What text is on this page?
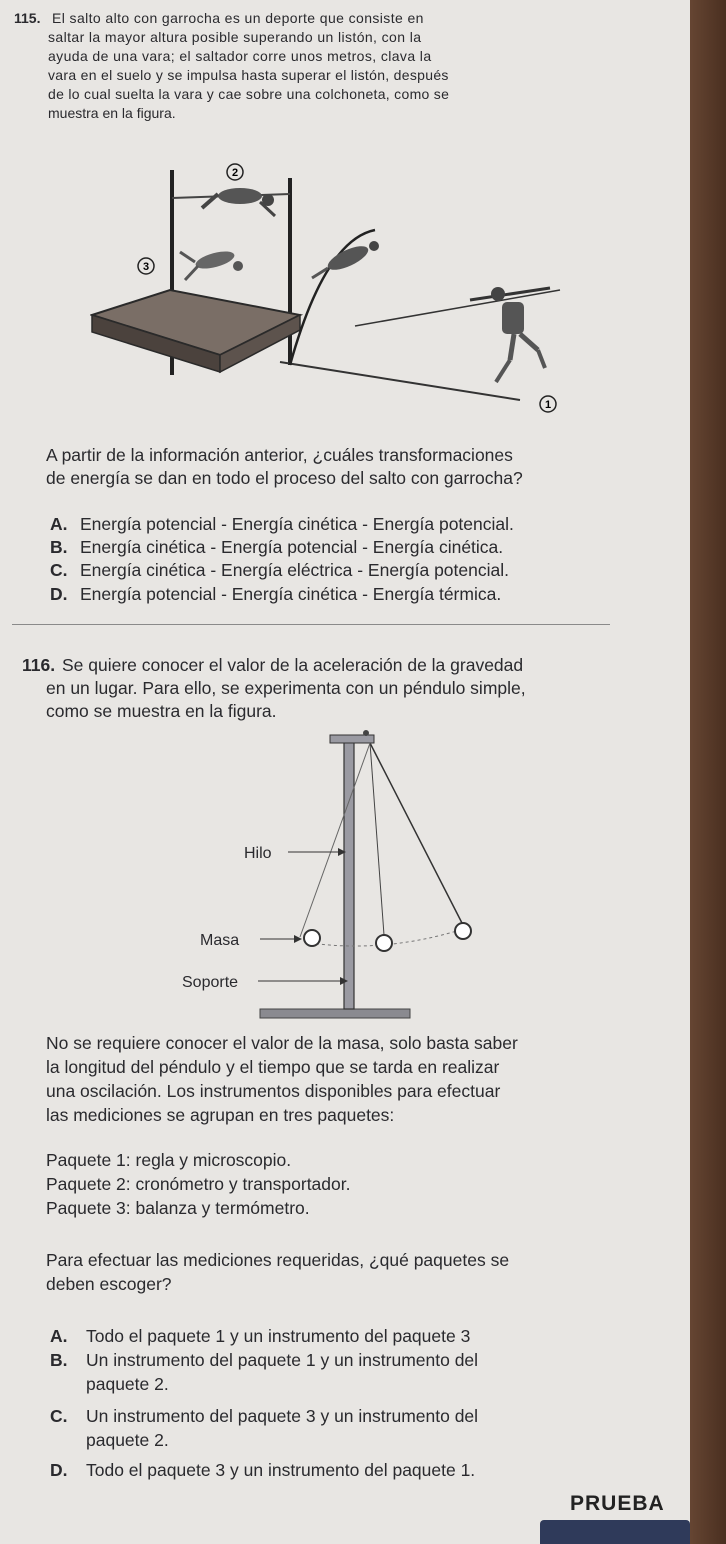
115. El salto alto con garrocha es un deporte que consiste en

saltar la mayor altura posible superando un listón, con la

ayuda de una vara; el saltador corre unos metros, clava la

vara en el suelo y se impulsa hasta superar el listón, después

de lo cual suelta la vara y cae sobre una colchoneta, como se

muestra en la figura.

2
3
1

A partir de la información anterior, ¿cuáles transformaciones

de energía se dan en todo el proceso del salto con garrocha?

A. Energía potencial - Energía cinética - Energía potencial.

B. Energía cinética - Energía potencial - Energía cinética.

C. Energía cinética - Energía eléctrica - Energía potencial.

D. Energía potencial - Energía cinética - Energía térmica.

116. Se quiere conocer el valor de la aceleración de la gravedad

en un lugar. Para ello, se experimenta con un péndulo simple,

como se muestra en la figura.

Hilo
Masa
Soporte

No se requiere conocer el valor de la masa, solo basta saber

la longitud del péndulo y el tiempo que se tarda en realizar

una oscilación. Los instrumentos disponibles para efectuar

las mediciones se agrupan en tres paquetes:

Paquete 1: regla y microscopio.

Paquete 2: cronómetro y transportador.

Paquete 3: balanza y termómetro.

Para efectuar las mediciones requeridas, ¿qué paquetes se

deben escoger?

A. Todo el paquete 1 y un instrumento del paquete 3

B. Un instrumento del paquete 1 y un instrumento del

paquete 2.

C. Un instrumento del paquete 3 y un instrumento del

paquete 2.

D. Todo el paquete 3 y un instrumento del paquete 1.

PRUEBA
